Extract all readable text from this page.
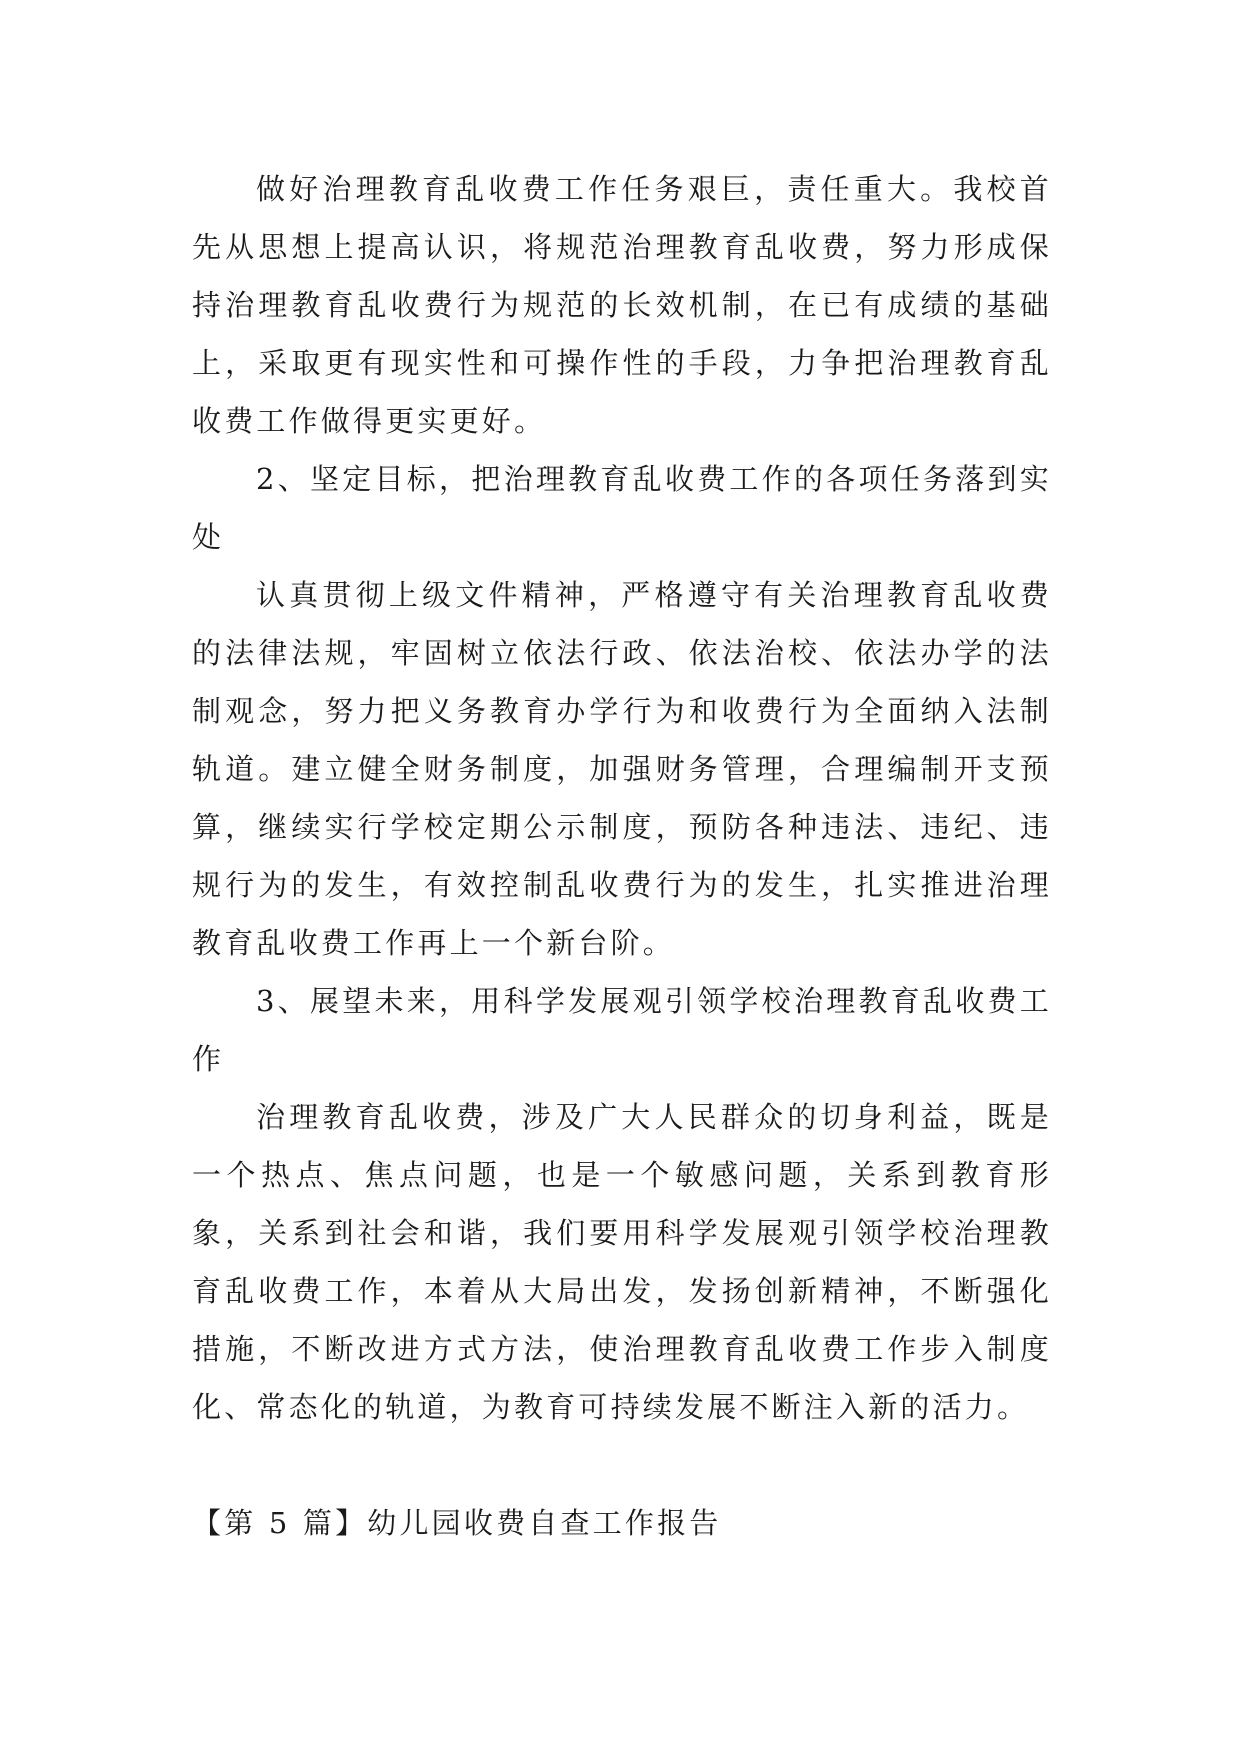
做好治理教育乱收费工作任务艰巨，责任重大。我校首先从思想上提高认识，将规范治理教育乱收费，努力形成保持治理教育乱收费行为规范的长效机制，在已有成绩的基础上，采取更有现实性和可操作性的手段，力争把治理教育乱收费工作做得更实更好。

2、坚定目标，把治理教育乱收费工作的各项任务落到实处

认真贯彻上级文件精神，严格遵守有关治理教育乱收费的法律法规，牢固树立依法行政、依法治校、依法办学的法制观念，努力把义务教育办学行为和收费行为全面纳入法制轨道。建立健全财务制度，加强财务管理，合理编制开支预算，继续实行学校定期公示制度，预防各种违法、违纪、违规行为的发生，有效控制乱收费行为的发生，扎实推进治理教育乱收费工作再上一个新台阶。

3、展望未来，用科学发展观引领学校治理教育乱收费工作

治理教育乱收费，涉及广大人民群众的切身利益，既是一个热点、焦点问题，也是一个敏感问题，关系到教育形象，关系到社会和谐，我们要用科学发展观引领学校治理教育乱收费工作，本着从大局出发，发扬创新精神，不断强化措施，不断改进方式方法，使治理教育乱收费工作步入制度化、常态化的轨道，为教育可持续发展不断注入新的活力。

【第 5 篇】幼儿园收费自查工作报告
